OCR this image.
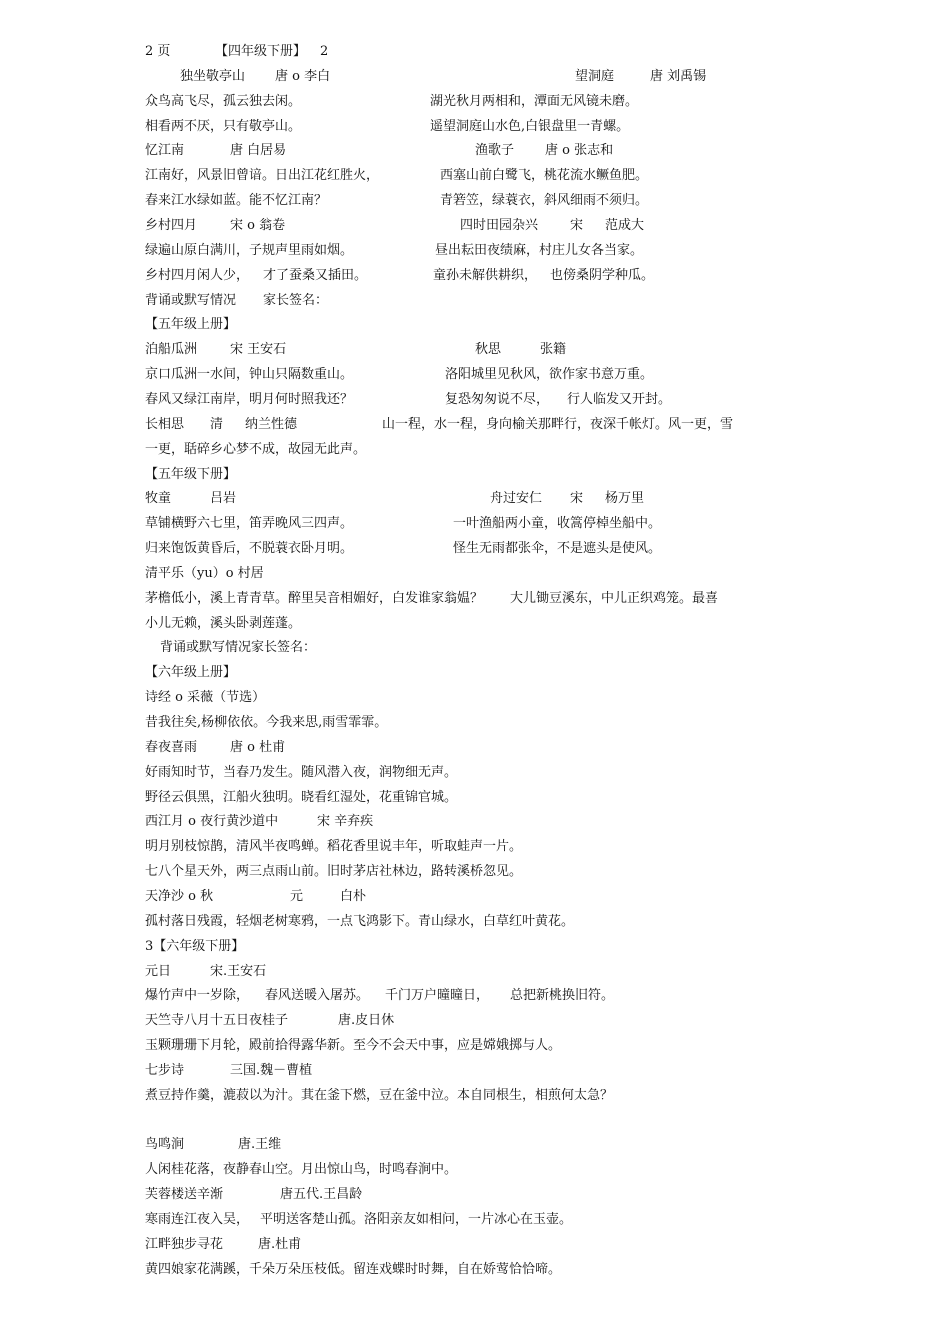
2 页	【四年级下册】 2
独坐敬亭山 唐 o 李白	望洞庭	唐 刘禹锡
众鸟高飞尽，孤云独去闲。	湖光秋月两相和，潭面无风镜未磨。
相看两不厌，只有敬亭山。	遥望洞庭山水色,白银盘里一青螺。
忆江南	唐 白居易	渔歌子 唐 o 张志和
江南好，风景旧曾谙。日出江花红胜火，	西塞山前白鹭飞，桃花流水鳜鱼肥。
春来江水绿如蓝。能不忆江南？	青箬笠，绿蓑衣，斜风细雨不须归。
乡村四月	宋 o 翁卷	四时田园杂兴 宋 范成大
绿遍山原白满川，子规声里雨如烟。	昼出耘田夜绩麻，村庄儿女各当家。
乡村四月闲人少， 才了蚕桑又插田。	童孙未解供耕织， 也傍桑阴学种瓜。
背诵或默写情况 家长签名：
【五年级上册】
泊船瓜洲	宋 王安石	秋思	张籍
京口瓜洲一水间，钟山只隔数重山。	洛阳城里见秋风，欲作家书意万重。
春风又绿江南岸，明月何时照我还？	复恐匆匆说不尽， 行人临发又开封。
长相思 清 纳兰性德	山一程，水一程，身向榆关那畔行，夜深千帐灯。风一更，雪
一更，聒碎乡心梦不成，故园无此声。
【五年级下册】
牧童	吕岩	舟过安仁 宋 杨万里
草铺横野六七里，笛弄晚风三四声。	一叶渔船两小童，收篙停棹坐船中。
归来饱饭黄昏后，不脱蓑衣卧月明。	怪生无雨都张伞，不是遮头是使风。
清平乐（yu）o 村居
茅檐低小，溪上青青草。醉里吴音相媚好，白发谁家翁媪？ 大儿锄豆溪东，中儿正织鸡笼。最喜
小儿无赖，溪头卧剥莲蓬。
背诵或默写情况家长签名：
【六年级上册】
诗经 o 采薇（节选）
昔我往矣,杨柳依依。今我来思,雨雪霏霏。
春夜喜雨	唐 o 杜甫
好雨知时节，当春乃发生。随风潜入夜，润物细无声。
野径云俱黑，江船火独明。晓看红湿处，花重锦官城。
西江月 o 夜行黄沙道中	宋 辛弃疾
明月别枝惊鹊，清风半夜鸣蝉。稻花香里说丰年，听取蛙声一片。
七八个星天外，两三点雨山前。旧时茅店社林边，路转溪桥忽见。
天净沙 o 秋	元	白朴
孤村落日残霞，轻烟老树寒鸦，一点飞鸿影下。青山绿水，白草红叶黄花。
3【六年级下册】
元日	宋.王安石
爆竹声中一岁除， 春风送暖入屠苏。 千门万户曈曈日， 总把新桃换旧符。
天竺寺八月十五日夜桂子	唐.皮日休
玉颗珊珊下月轮，殿前拾得露华新。至今不会天中事，应是嫦娥掷与人。
七步诗	三国.魏－曹植
煮豆持作羹，漉菽以为汁。萁在釜下燃，豆在釜中泣。本自同根生，相煎何太急？
鸟鸣涧	唐.王维
人闲桂花落，夜静春山空。月出惊山鸟，时鸣春涧中。
芙蓉楼送辛渐	唐五代.王昌龄
寒雨连江夜入吴， 平明送客楚山孤。洛阳亲友如相问，一片冰心在玉壶。
江畔独步寻花	唐.杜甫
黄四娘家花满蹊，千朵万朵压枝低。留连戏蝶时时舞，自在娇莺恰恰啼。
